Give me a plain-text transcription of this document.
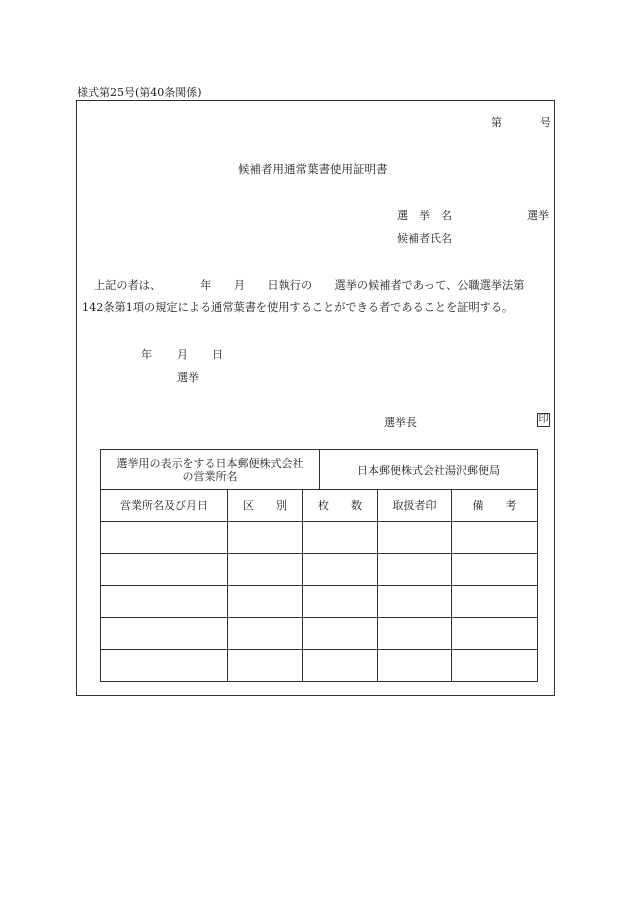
様式第25号(第40条関係)
第	号
候補者用通常葉書使用証明書
選　挙　名	選挙
候補者氏名
上記の者は、　　　　年　　月　　日執行の　　選挙の候補者であって、公職選挙法第
142条第1項の規定による通常葉書を使用することができる者であることを証明する。
年 月 日
選挙
選挙長	印
選挙用の表示をする日本郵便株式会社
の営業所名	日本郵便株式会社湯沢郵便局
営業所名及び月日	区　　別	枚　　数	取扱者印	備　　考
